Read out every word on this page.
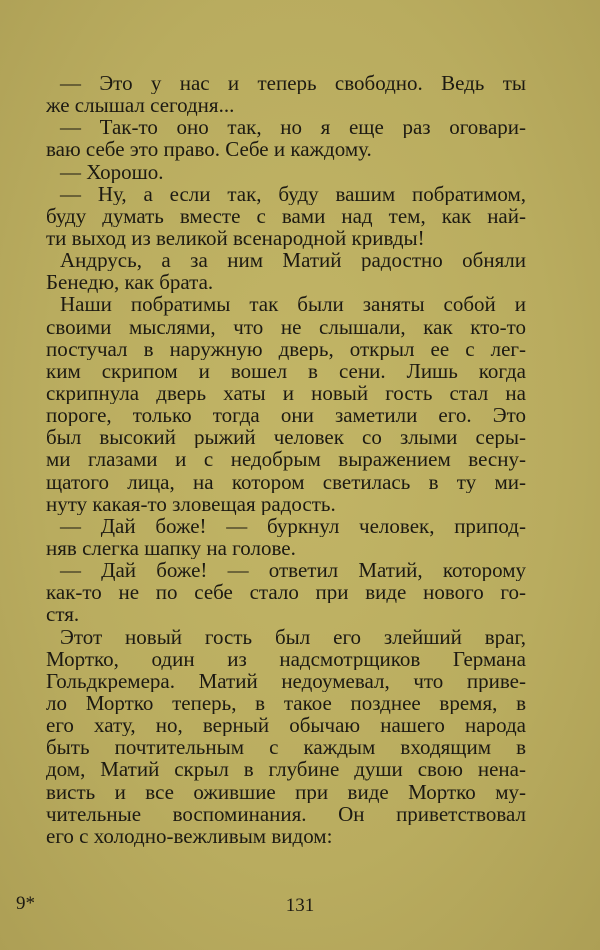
— Это у нас и теперь свободно. Ведь ты
же слышал сегодня...
— Так-то оно так, но я еще раз оговари-
ваю себе это право. Себе и каждому.
— Хорошо.
— Ну, а если так, буду вашим побратимом,
буду думать вместе с вами над тем, как най-
ти выход из великой всенародной кривды!
Андрусь, а за ним Матий радостно обняли
Бенедю, как брата.
Наши побратимы так были заняты собой и
своими мыслями, что не слышали, как кто-то
постучал в наружную дверь, открыл ее с лег-
ким скрипом и вошел в сени. Лишь когда
скрипнула дверь хаты и новый гость стал на
пороге, только тогда они заметили его. Это
был высокий рыжий человек со злыми серы-
ми глазами и с недобрым выражением весну-
щатого лица, на котором светилась в ту ми-
нуту какая-то зловещая радость.
— Дай боже! — буркнул человек, припод-
няв слегка шапку на голове.
— Дай боже! — ответил Матий, которому
как-то не по себе стало при виде нового го-
стя.
Этот новый гость был его злейший враг,
Мортко, один из надсмотрщиков Германа
Гольдкремера. Матий недоумевал, что приве-
ло Мортко теперь, в такое позднее время, в
его хату, но, верный обычаю нашего народа
быть почтительным с каждым входящим в
дом, Матий скрыл в глубине души свою нена-
висть и все ожившие при виде Мортко му-
чительные воспоминания. Он приветствовал
его с холодно-вежливым видом:
9*	131
